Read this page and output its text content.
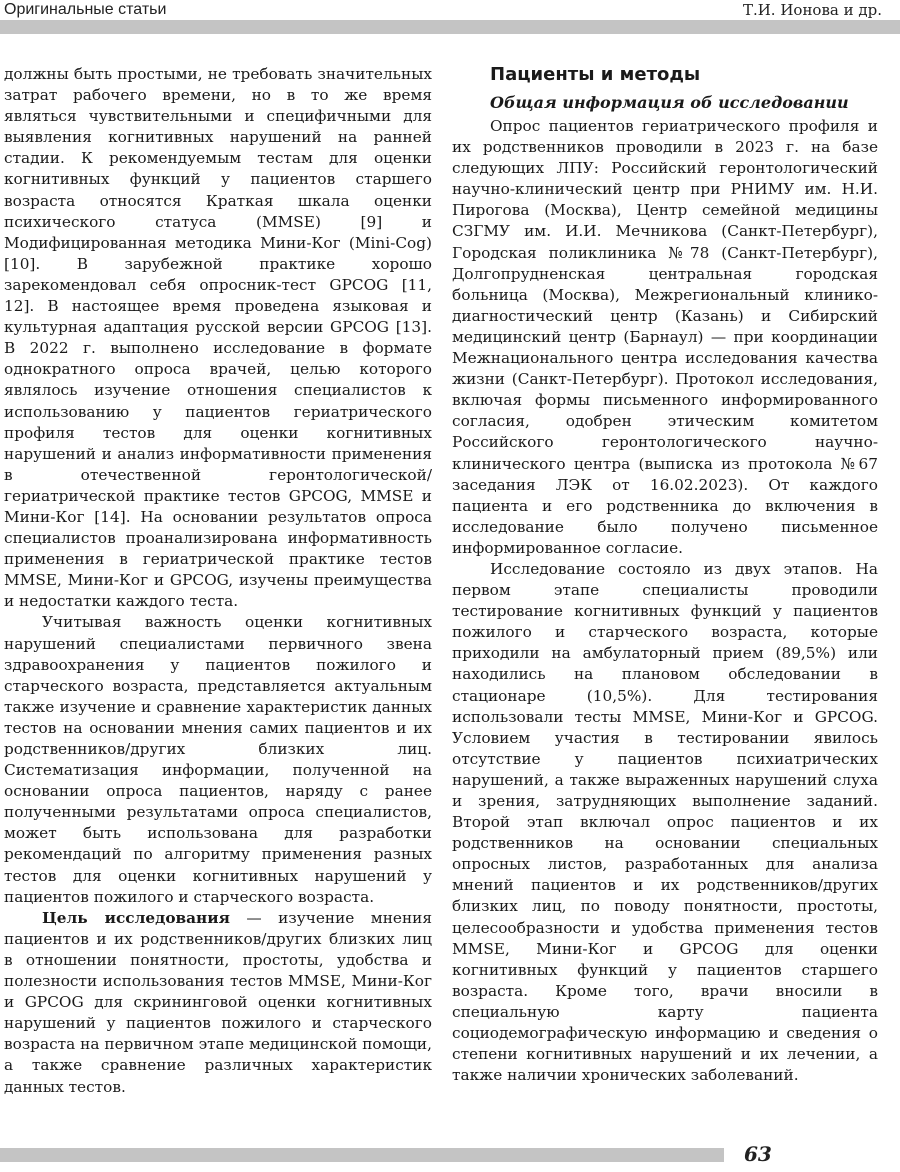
Оригинальные статьи	Т.И. Ионова и др.

должны быть простыми, не требовать значительных затрат рабочего времени, но в то же время являться чувствительными и специфичными для выявления когнитивных нарушений на ранней стадии. К рекомендуемым тестам для оценки когнитивных функций у пациентов старшего возраста относятся Краткая шкала оценки психического статуса (MMSE) [9] и Модифицированная методика Мини-Ког (Mini-Cog) [10]. В зарубежной практике хорошо зарекомендовал себя опросник-тест GPCOG [11, 12]. В настоящее время проведена языковая и культурная адаптация русской версии GPCOG [13]. В 2022 г. выполнено исследование в формате однократного опроса врачей, целью которого являлось изучение отношения специалистов к использованию у пациентов гериатрического профиля тестов для оценки когнитивных нарушений и анализ информативности применения в отечественной геронтологической/гериатрической практике тестов GPCOG, MMSE и Мини-Ког [14]. На основании результатов опроса специалистов проанализирована информативность применения в гериатрической практике тестов MMSE, Мини-Ког и GPCOG, изучены преимущества и недостатки каждого теста.

Учитывая важность оценки когнитивных нарушений специалистами первичного звена здравоохранения у пациентов пожилого и старческого возраста, представляется актуальным также изучение и сравнение характеристик данных тестов на основании мнения самих пациентов и их родственников/других близких лиц. Систематизация информации, полученной на основании опроса пациентов, наряду с ранее полученными результатами опроса специалистов, может быть использована для разработки рекомендаций по алгоритму применения разных тестов для оценки когнитивных нарушений у пациентов пожилого и старческого возраста.

Цель исследования — изучение мнения пациентов и их родственников/других близких лиц в отношении понятности, простоты, удобства и полезности использования тестов MMSE, Мини-Ког и GPCOG для скрининговой оценки когнитивных нарушений у пациентов пожилого и старческого возраста на первичном этапе медицинской помощи, а также сравнение различных характеристик данных тестов.

Пациенты и методы
Общая информация об исследовании

Опрос пациентов гериатрического профиля и их родственников проводили в 2023 г. на базе следующих ЛПУ: Российский геронтологический научно-клинический центр при РНИМУ им. Н.И. Пирогова (Москва), Центр семейной медицины СЗГМУ им. И.И. Мечникова (Санкт-Петербург), Городская поликлиника №78 (Санкт-Петербург), Долгопрудненская центральная городская больница (Москва), Межрегиональный клинико-диагностический центр (Казань) и Сибирский медицинский центр (Барнаул) — при координации Межнационального центра исследования качества жизни (Санкт-Петербург). Протокол исследования, включая формы письменного информированного согласия, одобрен этическим комитетом Российского геронтологического научно-клинического центра (выписка из протокола №67 заседания ЛЭК от 16.02.2023). От каждого пациента и его родственника до включения в исследование было получено письменное информированное согласие.

Исследование состояло из двух этапов. На первом этапе специалисты проводили тестирование когнитивных функций у пациентов пожилого и старческого возраста, которые приходили на амбулаторный прием (89,5%) или находились на плановом обследовании в стационаре (10,5%). Для тестирования использовали тесты MMSE, Мини-Ког и GPCOG. Условием участия в тестировании явилось отсутствие у пациентов психиатрических нарушений, а также выраженных нарушений слуха и зрения, затрудняющих выполнение заданий. Второй этап включал опрос пациентов и их родственников на основании специальных опросных листов, разработанных для анализа мнений пациентов и их родственников/других близких лиц, по поводу понятности, простоты, целесообразности и удобства применения тестов MMSE, Мини-Ког и GPCOG для оценки когнитивных функций у пациентов старшего возраста. Кроме того, врачи вносили в специальную карту пациента социодемографическую информацию и сведения о степени когнитивных нарушений и их лечении, а также наличии хронических заболеваний.

63
